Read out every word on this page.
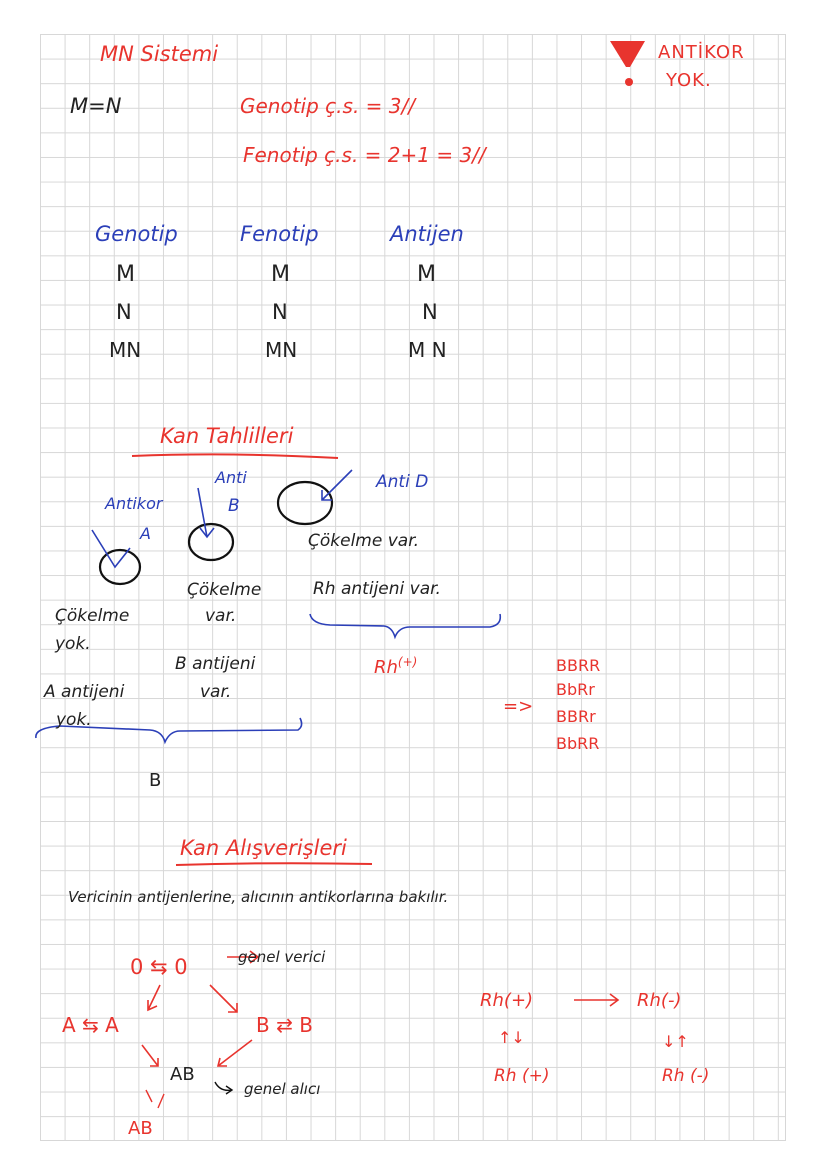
MN Sistemi	ANTİKOR
YOK.
M=N	Genotip ç.s. = 3//
Fenotip ç.s. = 2+1 = 3//
Genotip	Fenotip	Antijen
M	M	M
N	N	N
MN	MN	M N
Kan Tahlilleri
Antikor
A
Anti
B
Anti D
Çökelme
yok.
A antijeni
yok.
Çökelme
var.
B antijeni
var.
Çökelme var.
Rh antijeni var.
B
Rh(+)
=>
BBRR
BbRr
BBRr
BbRR
Kan Alışverişleri
Vericinin antijenlerine, alıcının antikorlarına bakılır.
0 ⇆ 0	genel verici
A ⇆ A	B ⇄ B
AB
genel alıcı
AB
Rh(+)	Rh(-)
↑↓	↓↑
Rh (+)	Rh (-)
